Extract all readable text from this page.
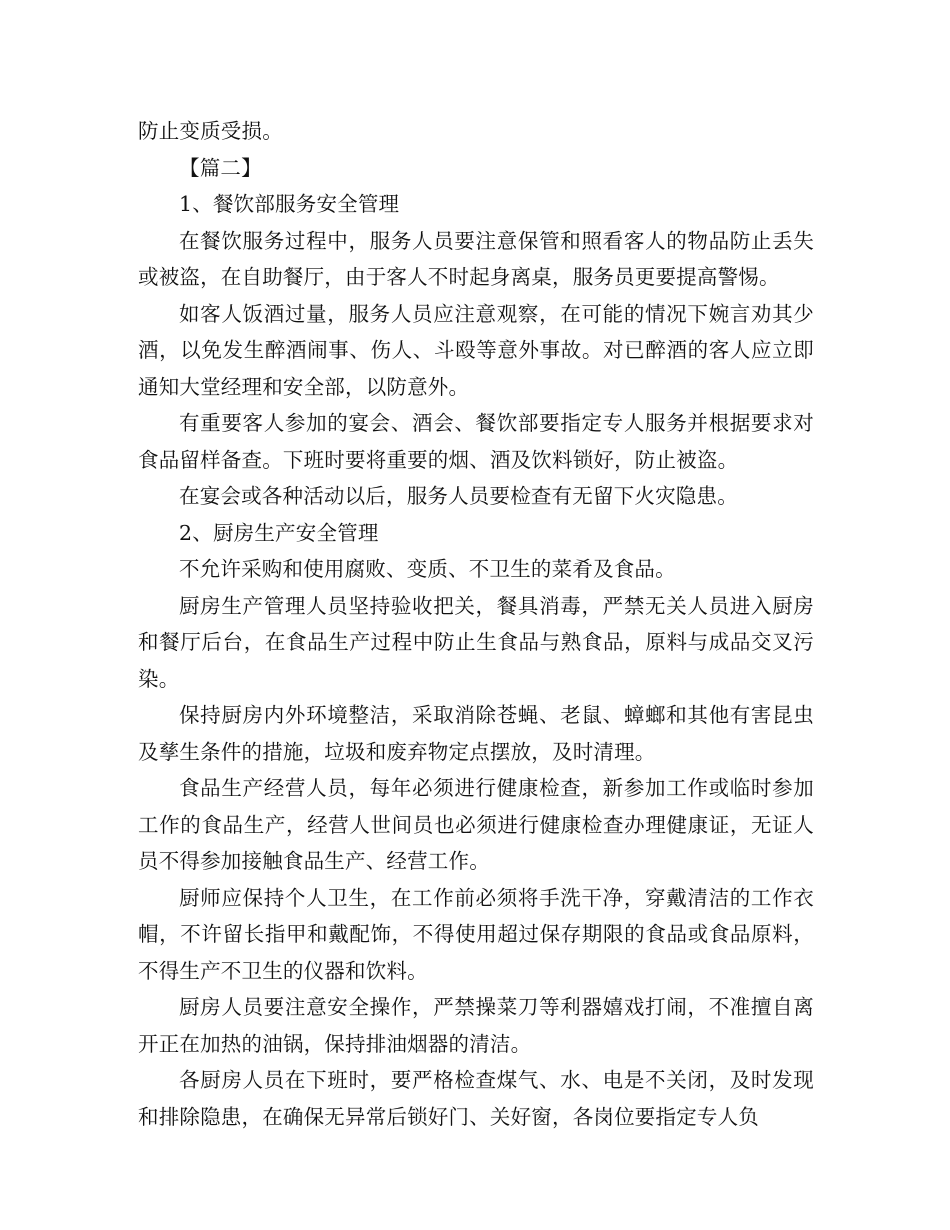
防止变质受损。

【篇二】

1、餐饮部服务安全管理

在餐饮服务过程中，服务人员要注意保管和照看客人的物品防止丢失或被盗，在自助餐厅，由于客人不时起身离桌，服务员更要提高警惕。

如客人饭酒过量，服务人员应注意观察，在可能的情况下婉言劝其少酒，以免发生醉酒闹事、伤人、斗殴等意外事故。对已醉酒的客人应立即通知大堂经理和安全部，以防意外。

有重要客人参加的宴会、酒会、餐饮部要指定专人服务并根据要求对食品留样备查。下班时要将重要的烟、酒及饮料锁好，防止被盗。

在宴会或各种活动以后，服务人员要检查有无留下火灾隐患。

2、厨房生产安全管理

不允许采购和使用腐败、变质、不卫生的菜肴及食品。

厨房生产管理人员坚持验收把关，餐具消毒，严禁无关人员进入厨房和餐厅后台，在食品生产过程中防止生食品与熟食品，原料与成品交叉污染。

保持厨房内外环境整洁，采取消除苍蝇、老鼠、蟑螂和其他有害昆虫及孳生条件的措施，垃圾和废弃物定点摆放，及时清理。

食品生产经营人员，每年必须进行健康检查，新参加工作或临时参加工作的食品生产，经营人世间员也必须进行健康检查办理健康证，无证人员不得参加接触食品生产、经营工作。

厨师应保持个人卫生，在工作前必须将手洗干净，穿戴清洁的工作衣帽，不许留长指甲和戴配饰，不得使用超过保存期限的食品或食品原料，不得生产不卫生的仪器和饮料。

厨房人员要注意安全操作，严禁操菜刀等利器嬉戏打闹，不准擅自离开正在加热的油锅，保持排油烟器的清洁。

各厨房人员在下班时，要严格检查煤气、水、电是不关闭，及时发现和排除隐患，在确保无异常后锁好门、关好窗，各岗位要指定专人负
